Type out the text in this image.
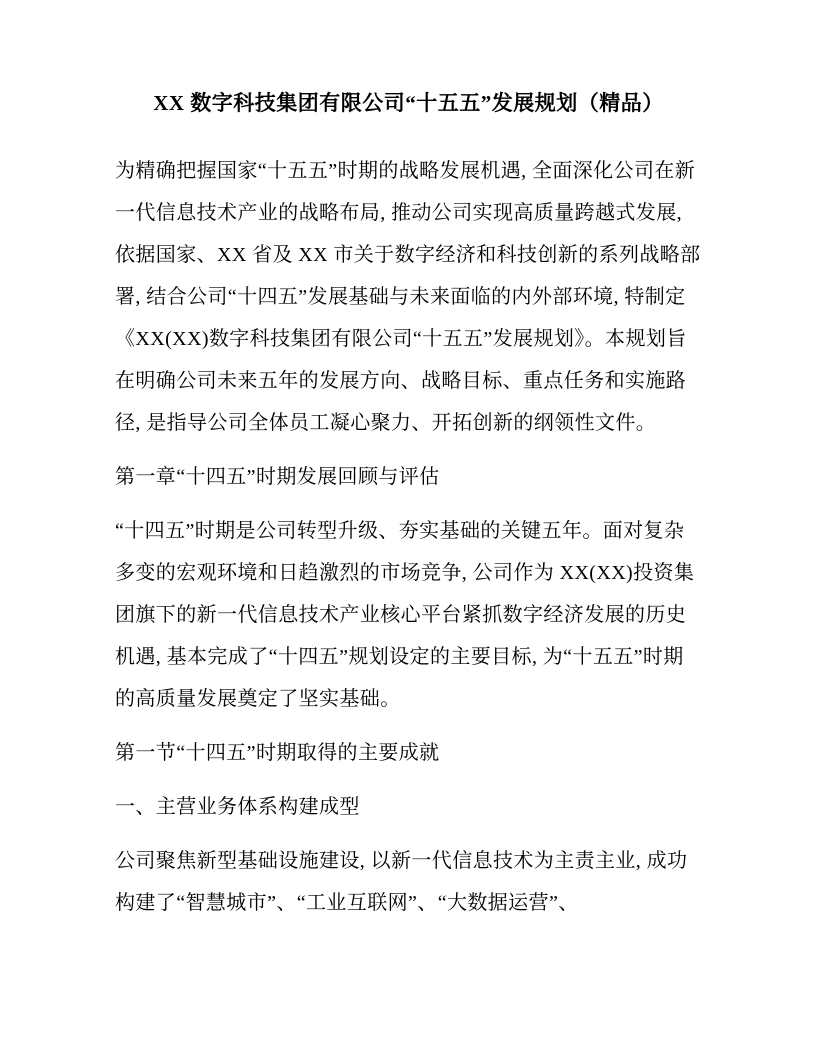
XX 数字科技集团有限公司“十五五”发展规划（精品）
为精确把握国家“十五五”时期的战略发展机遇, 全面深化公司在新一代信息技术产业的战略布局, 推动公司实现高质量跨越式发展, 依据国家、XX 省及 XX 市关于数字经济和科技创新的系列战略部署, 结合公司“十四五”发展基础与未来面临的内外部环境, 特制定《XX(XX)数字科技集团有限公司“十五五”发展规划》。本规划旨在明确公司未来五年的发展方向、战略目标、重点任务和实施路径, 是指导公司全体员工凝心聚力、开拓创新的纲领性文件。
第一章“十四五”时期发展回顾与评估
“十四五”时期是公司转型升级、夯实基础的关键五年。面对复杂多变的宏观环境和日趋激烈的市场竞争, 公司作为 XX(XX)投资集团旗下的新一代信息技术产业核心平台紧抓数字经济发展的历史机遇, 基本完成了“十四五”规划设定的主要目标, 为“十五五”时期的高质量发展奠定了坚实基础。
第一节“十四五”时期取得的主要成就
一、主营业务体系构建成型
公司聚焦新型基础设施建设, 以新一代信息技术为主责主业, 成功构建了“智慧城市”、“工业互联网”、“大数据运营”、
